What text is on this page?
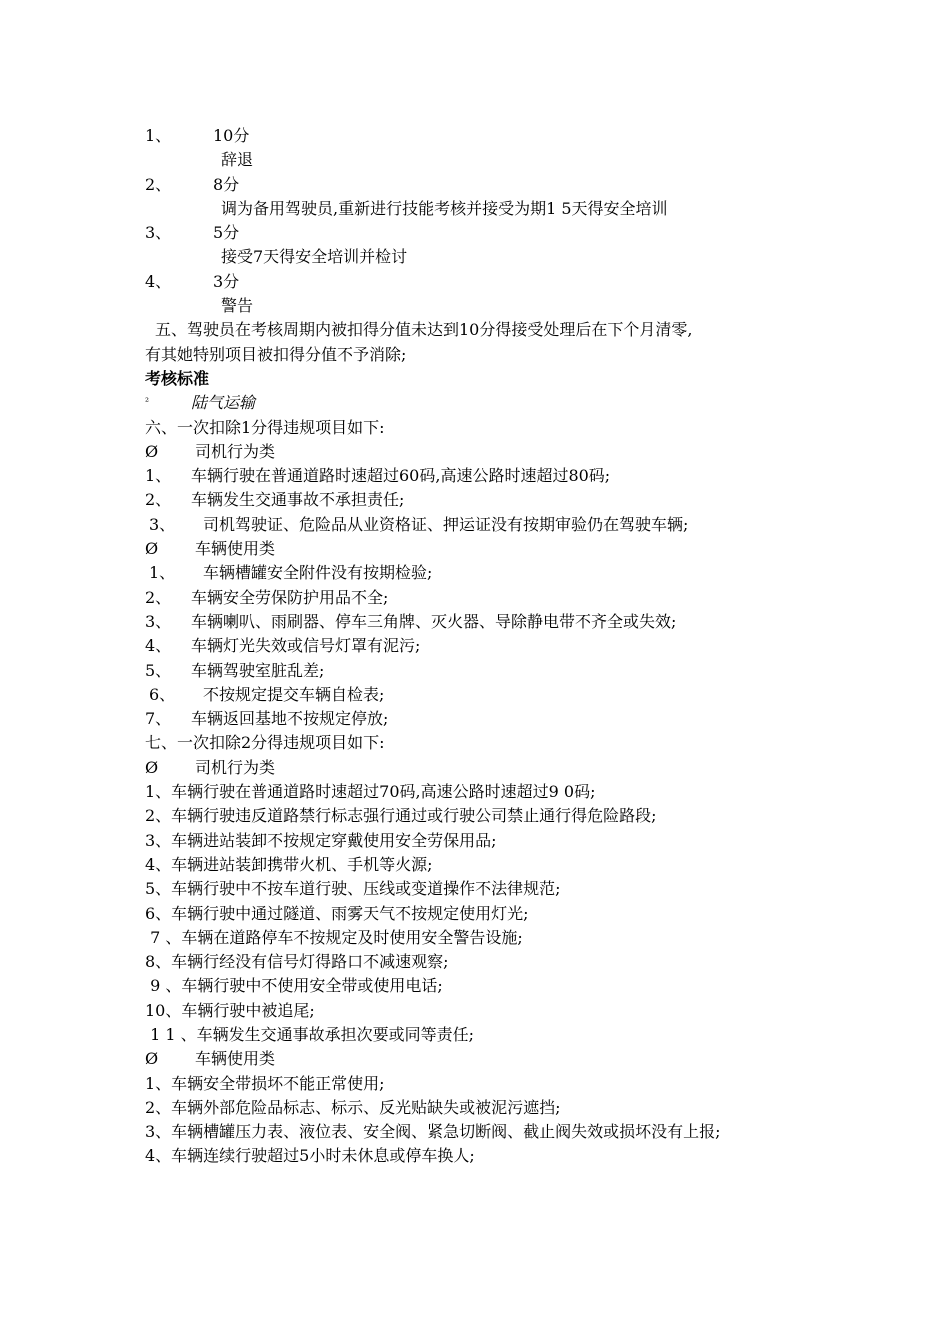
1、	10分
辞退
2、	8分
调为备用驾驶员,重新进行技能考核并接受为期1 5天得安全培训
3、	5分
接受7天得安全培训并检讨
4、	3分
警告
五、驾驶员在考核周期内被扣得分值未达到10分得接受处理后在下个月清零,
有其她特别项目被扣得分值不予消除;
考核标准
²	陆气运输
六、一次扣除1分得违规项目如下:
Ø 司机行为类
1、 车辆行驶在普通道路时速超过60码,高速公路时速超过80码;
2、 车辆发生交通事故不承担责任;
3、 司机驾驶证、危险品从业资格证、押运证没有按期审验仍在驾驶车辆;
Ø 车辆使用类
1、 车辆槽罐安全附件没有按期检验;
2、 车辆安全劳保防护用品不全;
3、 车辆喇叭、雨刷器、停车三角牌、灭火器、导除静电带不齐全或失效;
4、 车辆灯光失效或信号灯罩有泥污;
5、 车辆驾驶室脏乱差;
6、 不按规定提交车辆自检表;
7、 车辆返回基地不按规定停放;
七、一次扣除2分得违规项目如下:
Ø 司机行为类
1、车辆行驶在普通道路时速超过70码,高速公路时速超过9 0码;
2、车辆行驶违反道路禁行标志强行通过或行驶公司禁止通行得危险路段;
3、车辆进站装卸不按规定穿戴使用安全劳保用品;
4、车辆进站装卸携带火机、手机等火源;
5、车辆行驶中不按车道行驶、压线或变道操作不法律规范;
6、车辆行驶中通过隧道、雨雾天气不按规定使用灯光;
7 、车辆在道路停车不按规定及时使用安全警告设施;
8、车辆行经没有信号灯得路口不减速观察;
9 、车辆行驶中不使用安全带或使用电话;
10、车辆行驶中被追尾;
1 1 、车辆发生交通事故承担次要或同等责任;
Ø 车辆使用类
1、车辆安全带损坏不能正常使用;
2、车辆外部危险品标志、标示、反光贴缺失或被泥污遮挡;
3、车辆槽罐压力表、液位表、安全阀、紧急切断阀、截止阀失效或损坏没有上报;
4、车辆连续行驶超过5小时未休息或停车换人;
